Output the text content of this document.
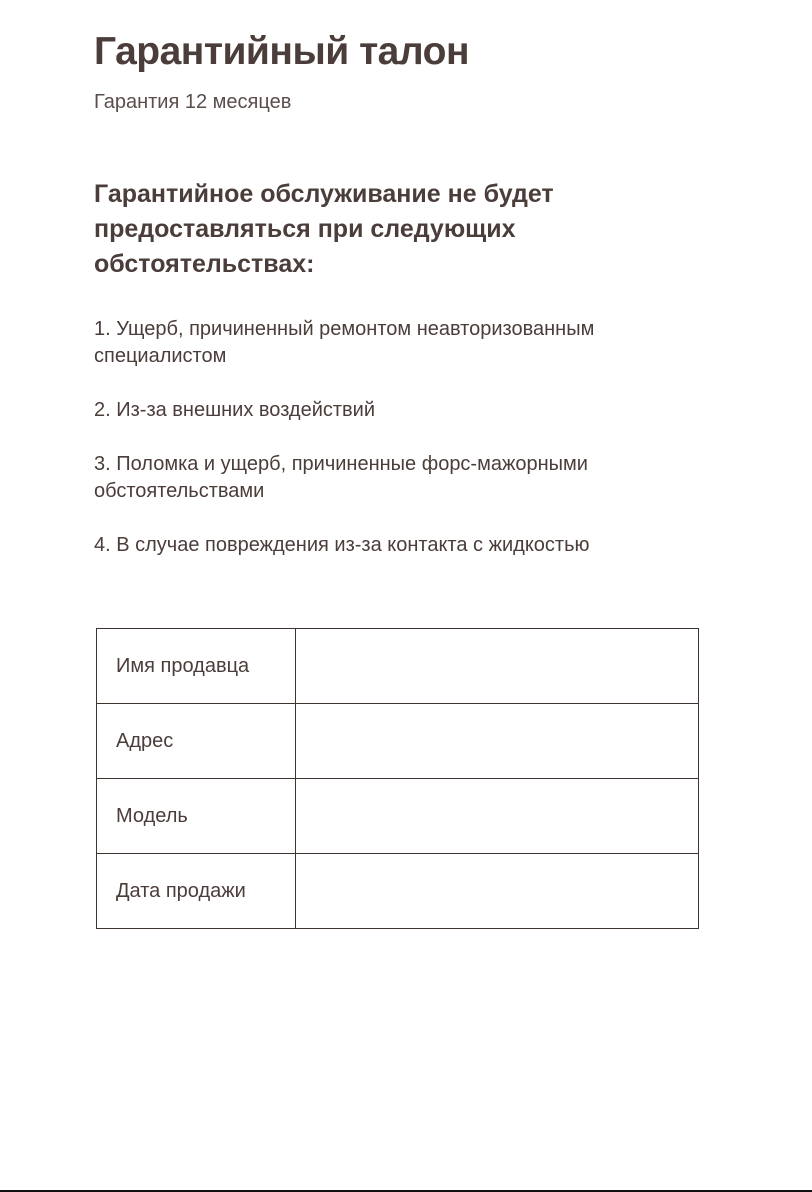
Гарантийный талон

Гарантия 12 месяцев

Гарантийное обслуживание не будет предоставляться при следующих обстоятельствах:
1. Ущерб, причиненный ремонтом неавторизованным специалистом
2. Из-за внешних воздействий
3. Поломка и ущерб, причиненные форс-мажорными обстоятельствами
4. В случае повреждения из-за контакта с жидкостью
Имя продавца	
Адрес	
Модель	
Дата продажи	
